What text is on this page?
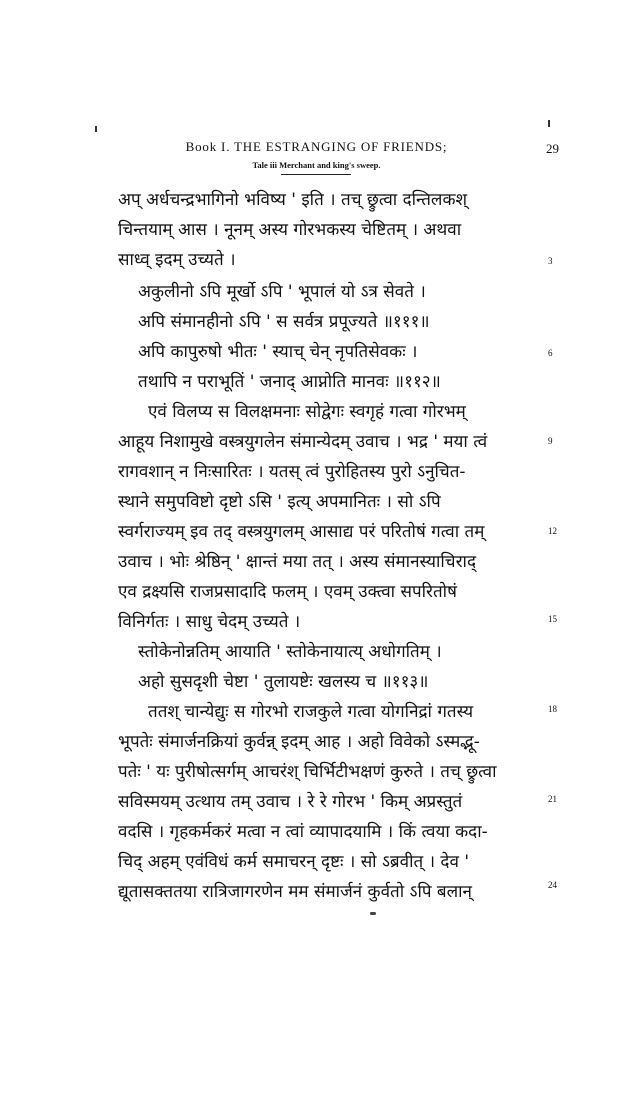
Book I. THE ESTRANGING OF FRIENDS;	29
Tale iii Merchant and king's sweep.
अप् अर्धचन्द्रभागिनो भविष्य ' इति । तच् छ्रुत्वा दन्तिलकश्
चिन्तयाम् आस । नूनम् अस्य गोरभकस्य चेष्टितम् । अथवा
साध्व् इदम् उच्यते ।	3
अकुलीनो ऽपि मूर्खो ऽपि ' भूपालं यो ऽत्र सेवते ।
अपि संमानहीनो ऽपि ' स सर्वत्र प्रपूज्यते ॥१११॥
अपि कापुरुषो भीतः ' स्याच् चेन् नृपतिसेवकः ।	6
तथापि न पराभूतिं ' जनाद् आप्नोति मानवः ॥११२॥
एवं विलप्य स विलक्षमनाः सोद्वेगः स्वगृहं गत्वा गोरभम्
आहूय निशामुखे वस्त्रयुगलेन संमान्येदम् उवाच । भद्र ' मया त्वं	9
रागवशान् न निःसारितः । यतस् त्वं पुरोहितस्य पुरो ऽनुचित-
स्थाने समुपविष्टो दृष्टो ऽसि ' इत्य् अपमानितः । सो ऽपि
स्वर्गराज्यम् इव तद् वस्त्रयुगलम् आसाद्य परं परितोषं गत्वा तम्	12
उवाच । भोः श्रेष्ठिन् ' क्षान्तं मया तत् । अस्य संमानस्याचिराद्
एव द्रक्ष्यसि राजप्रसादादि फलम् । एवम् उक्त्वा सपरितोषं
विनिर्गतः । साधु चेदम् उच्यते ।	15
स्तोकेनोन्नतिम् आयाति ' स्तोकेनायात्य् अधोगतिम् ।
अहो सुसदृशी चेष्टा ' तुलायष्टेः खलस्य च ॥११३॥
ततश् चान्येद्युः स गोरभो राजकुले गत्वा योगनिद्रां गतस्य	18
भूपतेः संमार्जनक्रियां कुर्वन्न् इदम् आह । अहो विवेको ऽस्मद्भू-
पतेः ' यः पुरीषोत्सर्गम् आचरंश् चिर्भिटीभक्षणं कुरुते । तच् छ्रुत्वा
सविस्मयम् उत्थाय तम् उवाच । रे रे गोरभ ' किम् अप्रस्तुतं	21
वदसि । गृहकर्मकरं मत्वा न त्वां व्यापादयामि । किं त्वया कदा-
चिद् अहम् एवंविधं कर्म समाचरन् दृष्टः । सो ऽब्रवीत् । देव '
द्यूतासक्ततया रात्रिजागरणेन मम संमार्जनं कुर्वतो ऽपि बलान्	24
